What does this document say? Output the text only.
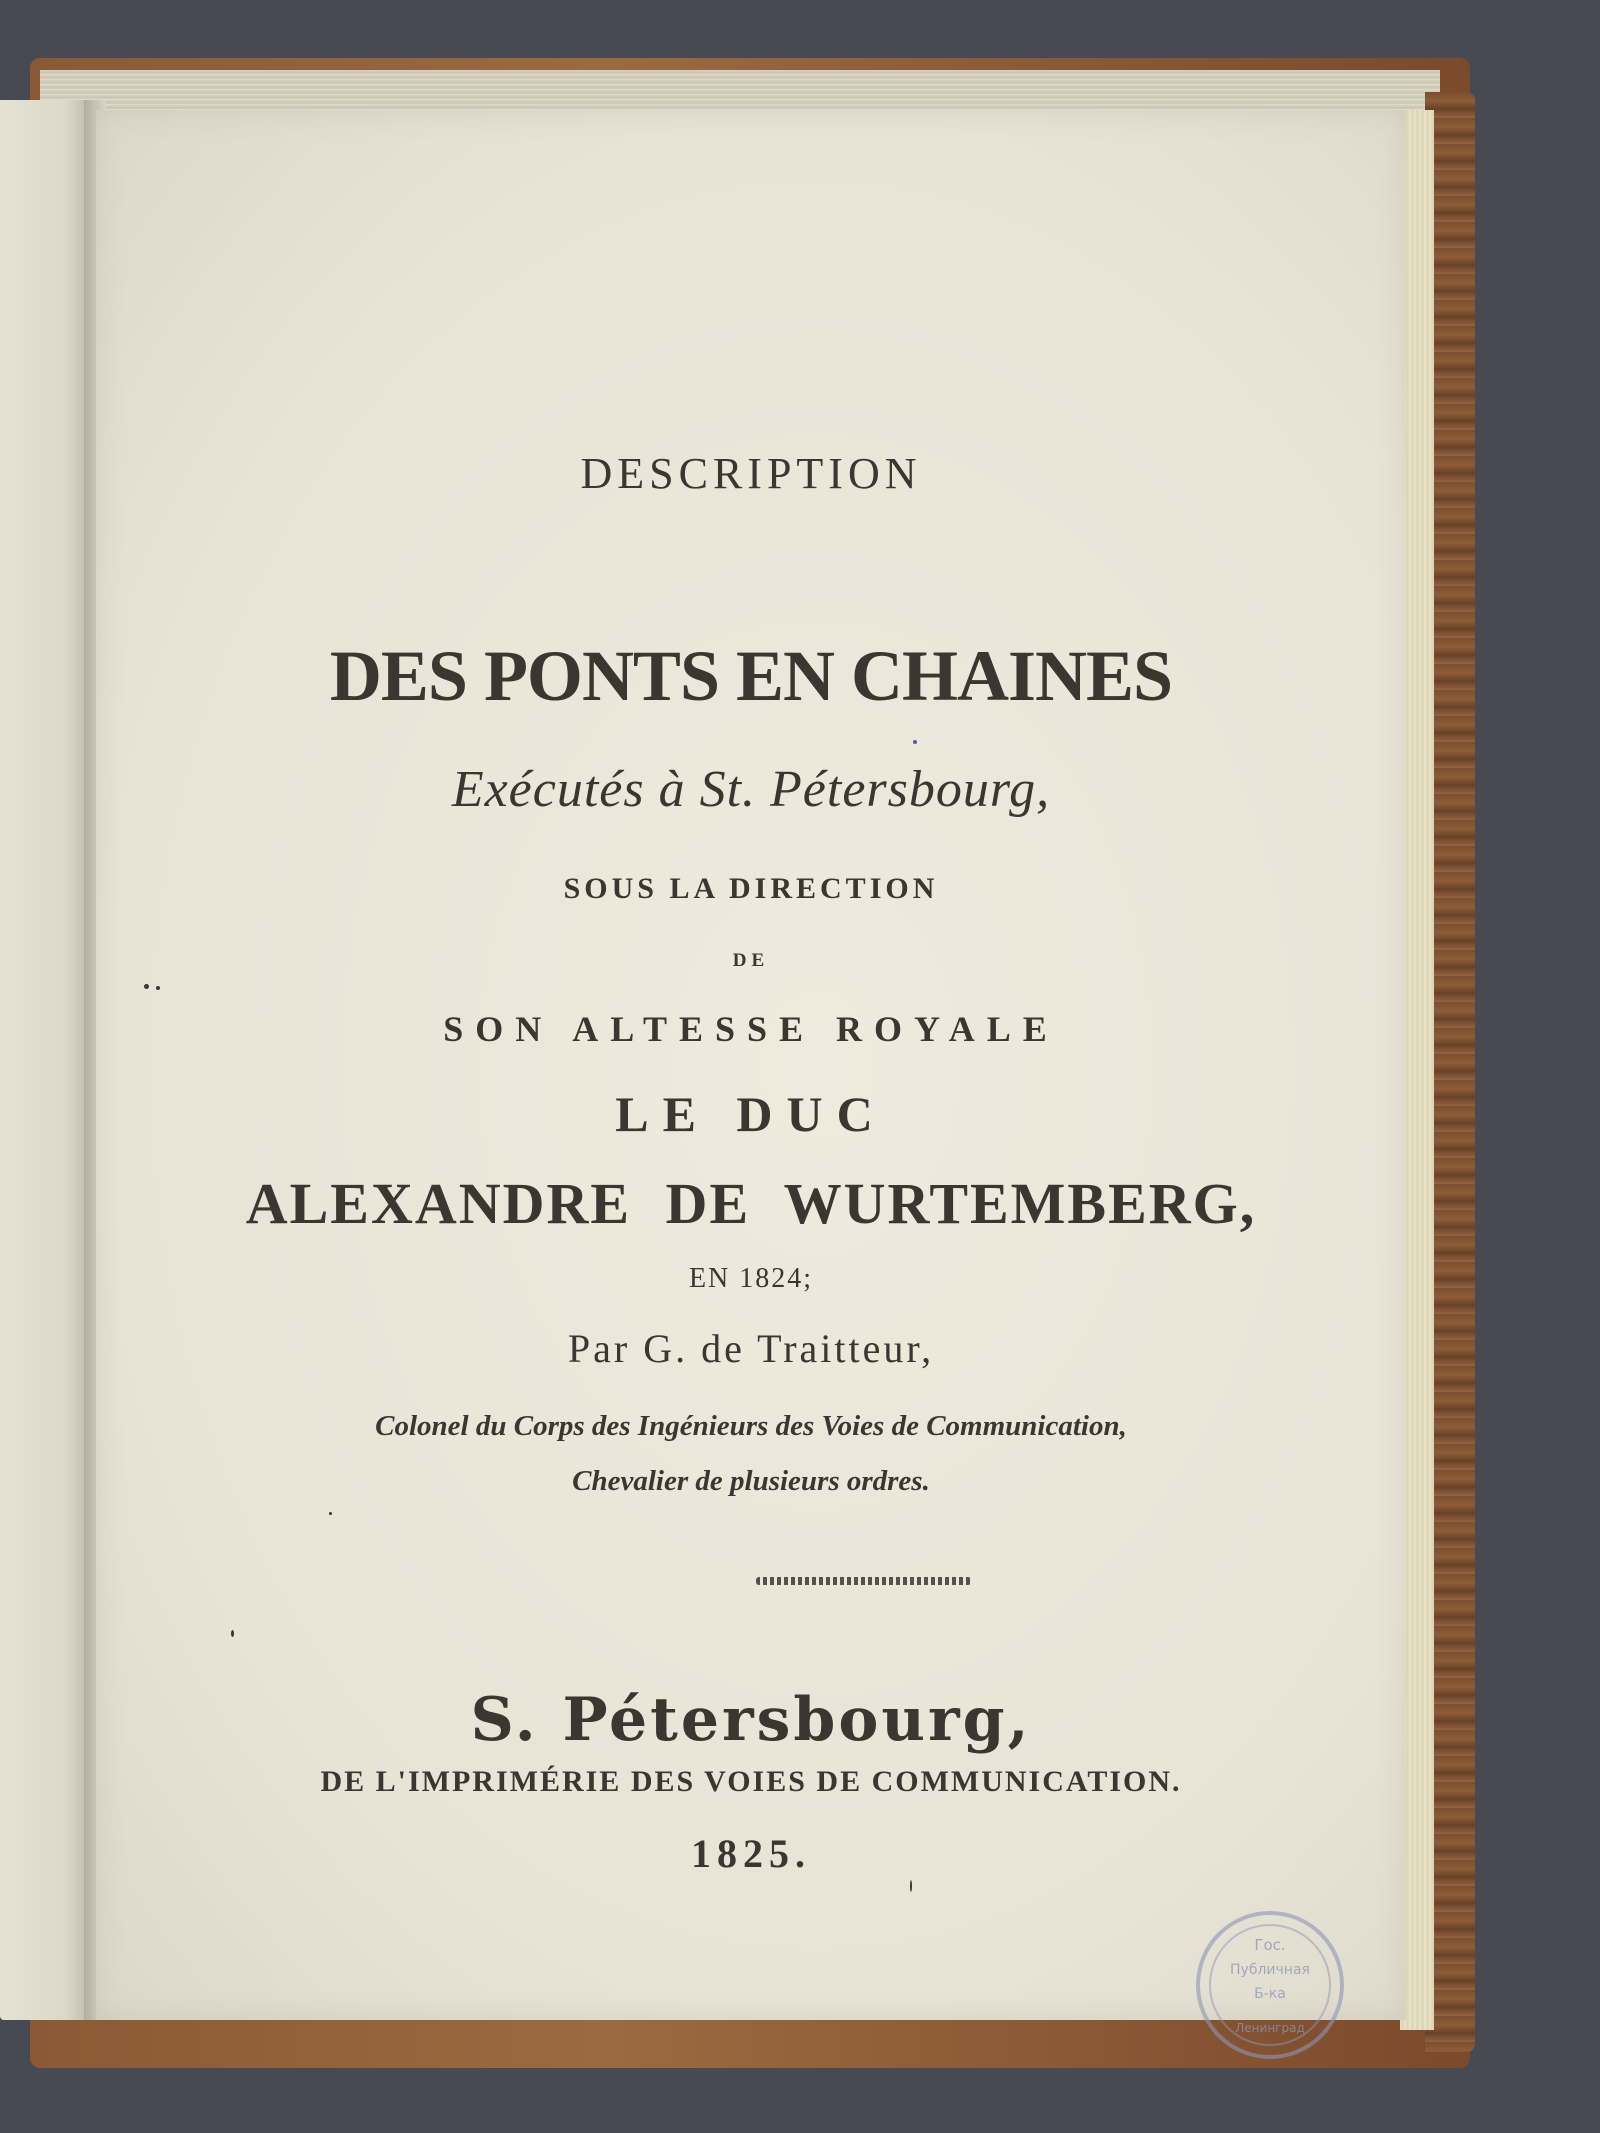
DESCRIPTION
DES PONTS EN CHAINES
Exécutés à St. Pétersbourg,
SOUS LA DIRECTION
DE
SON ALTESSE ROYALE
LE DUC
ALEXANDRE DE WURTEMBERG,
EN 1824;
Par G. de Traitteur,
Colonel du Corps des Ingénieurs des Voies de Communication,
Chevalier de plusieurs ordres.
S. Pétersbourg,
DE L'IMPRIMÉRIE DES VOIES DE COMMUNICATION.
1825.
Гос.
Публичная
Б-ка
Ленинград
